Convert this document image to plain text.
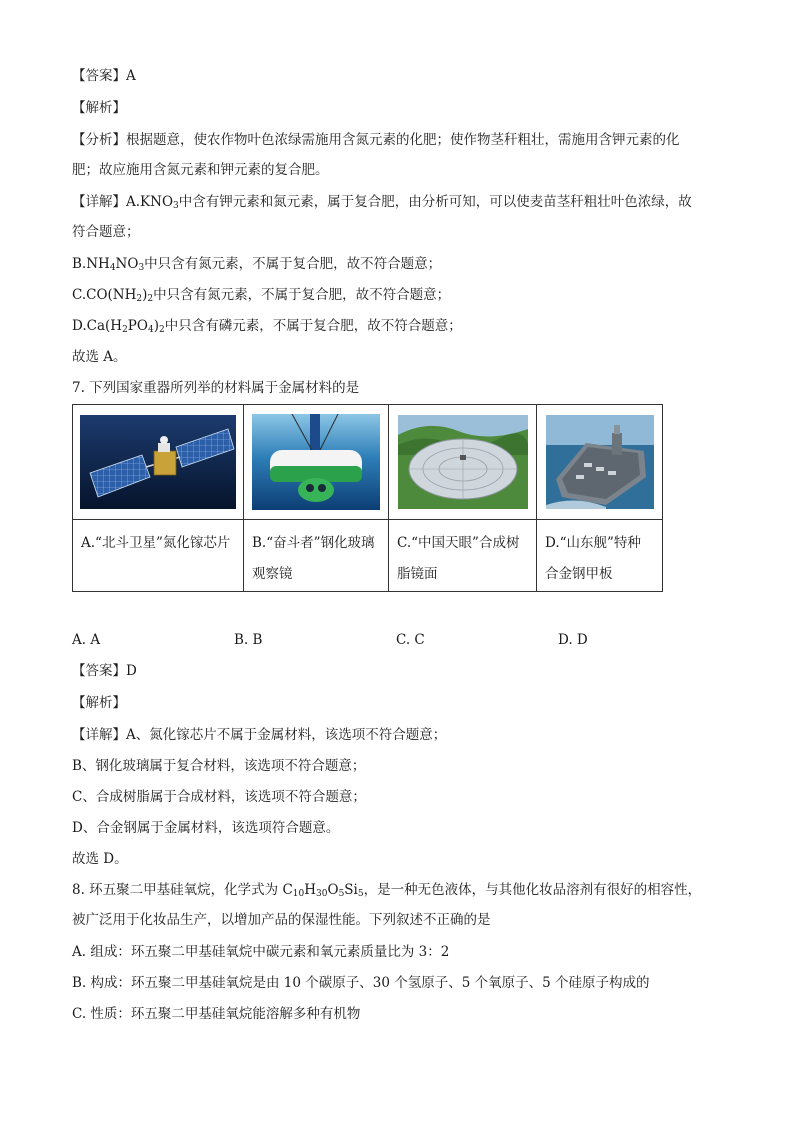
【答案】A
【解析】
【分析】根据题意，使农作物叶色浓绿需施用含氮元素的化肥；使作物茎秆粗壮，需施用含钾元素的化
肥；故应施用含氮元素和钾元素的复合肥。
【详解】$A.KNO_3$中含有钾元素和氮元素，属于复合肥，由分析可知，可以使麦苗茎秆粗壮叶色浓绿，故
符合题意；
$B.NH_4NO_3$中只含有氮元素，不属于复合肥，故不符合题意；
$C.CO(NH_2)_2$中只含有氮元素，不属于复合肥，故不符合题意；
$D.Ca(H_2PO_4)_2$中只含有磷元素，不属于复合肥，故不符合题意；
故选 A。
7. 下列国家重器所列举的材料属于金属材料的是

A.“北斗卫星”氮化镓芯片	B.“奋斗者”钢化玻璃观察镜	C.“中国天眼”合成树脂镜面	D.“山东舰”特种合金钢甲板
A. A	B. B	C. C	D. D
【答案】D
【解析】
【详解】A、氮化镓芯片不属于金属材料，该选项不符合题意；
B、钢化玻璃属于复合材料，该选项不符合题意；
C、合成树脂属于合成材料，该选项不符合题意；
D、合金钢属于金属材料，该选项符合题意。
故选 D。
8. 环五聚二甲基硅氧烷，化学式为 $C_{10}H_{30}O_5Si_5$，是一种无色液体，与其他化妆品溶剂有很好的相容性，
被广泛用于化妆品生产，以增加产品的保湿性能。下列叙述不正确的是
A. 组成：环五聚二甲基硅氧烷中碳元素和氧元素质量比为 3：2
B. 构成：环五聚二甲基硅氧烷是由 10 个碳原子、30 个氢原子、5 个氧原子、5 个硅原子构成的
C. 性质：环五聚二甲基硅氧烷能溶解多种有机物
